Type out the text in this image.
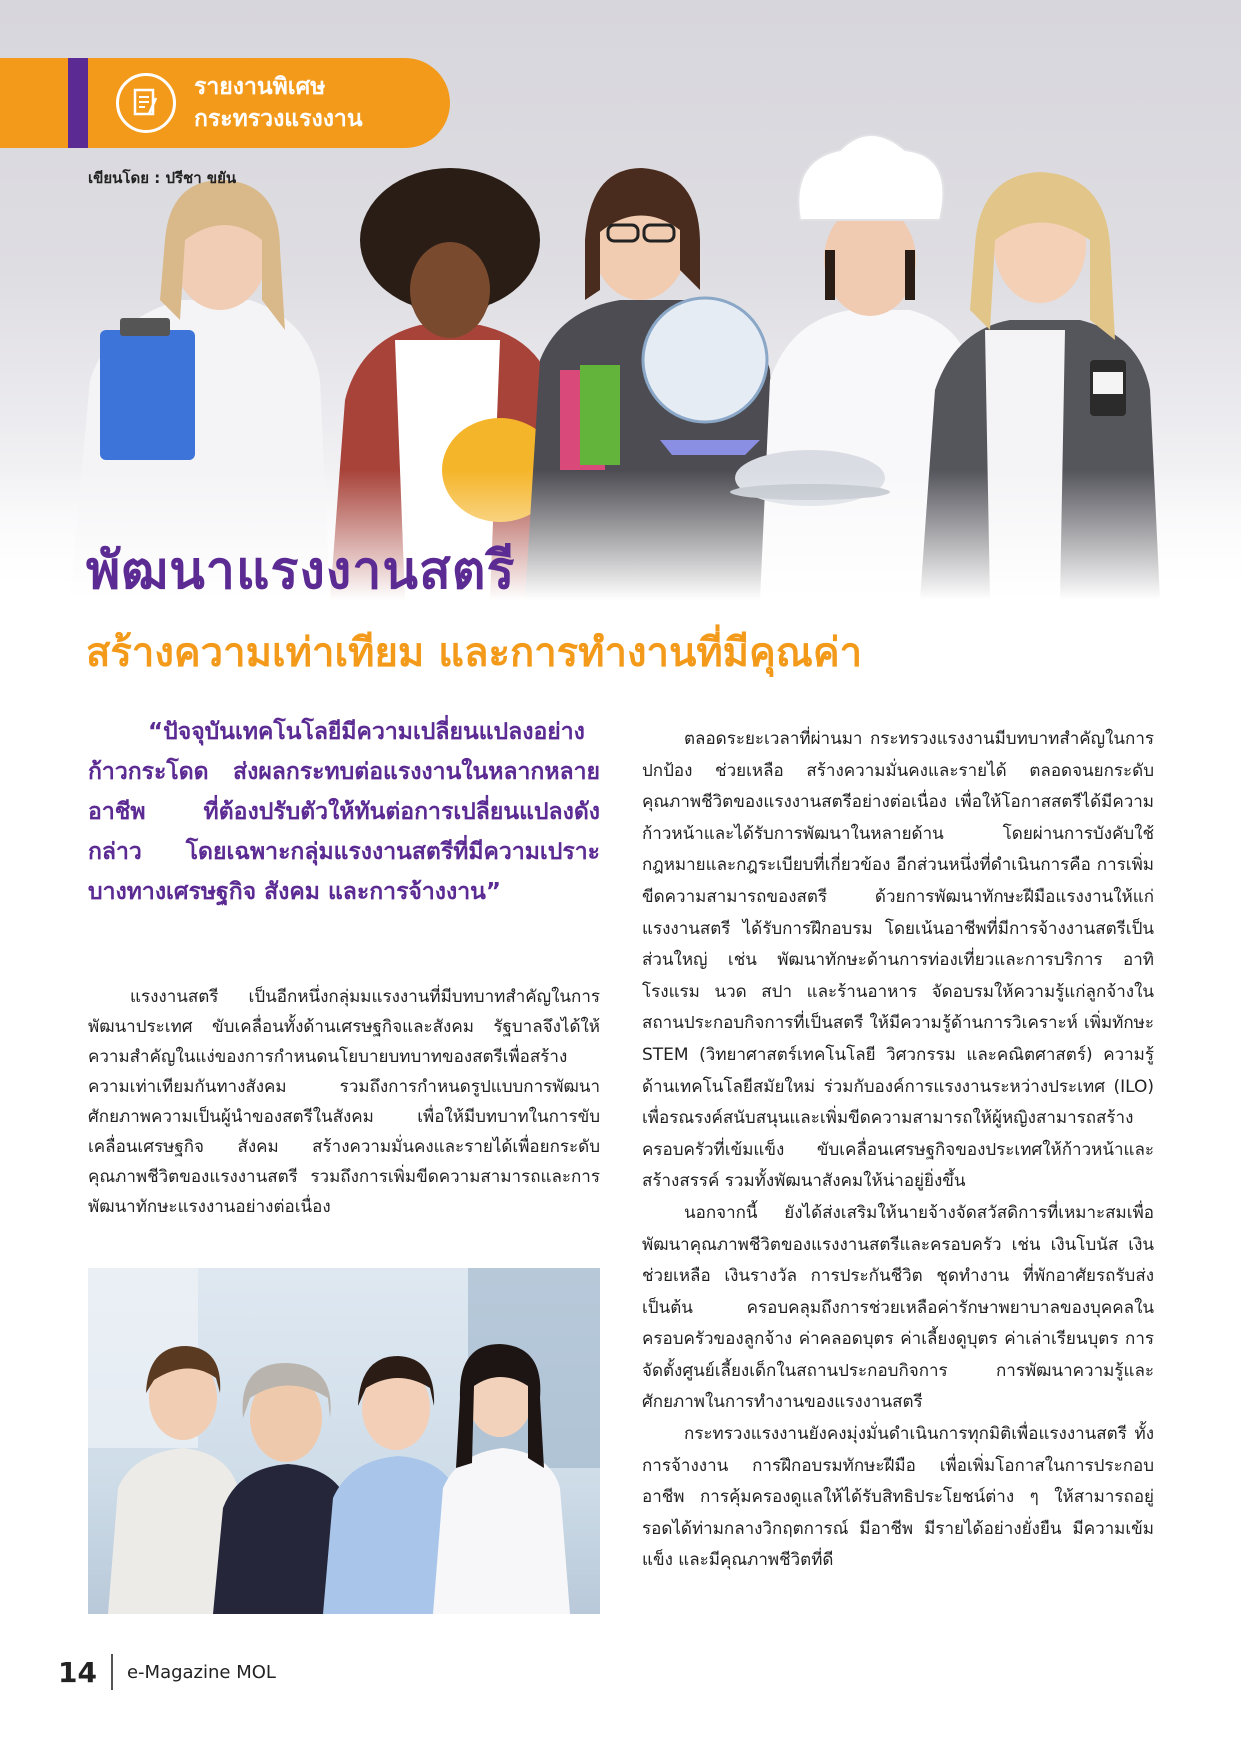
รายงานพิเศษ
กระทรวงแรงงาน
เขียนโดย : ปรีชา ขยัน
พัฒนาแรงงานสตรี
สร้างความเท่าเทียม และการทำงานที่มีคุณค่า
“ปัจจุบันเทคโนโลยีมีความเปลี่ยนแปลงอย่างก้าวกระโดด ส่งผลกระทบต่อแรงงานในหลากหลายอาชีพ ที่ต้องปรับตัวให้ทันต่อการเปลี่ยนแปลงดังกล่าว โดยเฉพาะกลุ่มแรงงานสตรีที่มีความเปราะบางทางเศรษฐกิจ สังคม และการจ้างงาน”
แรงงานสตรี เป็นอีกหนึ่งกลุ่มมแรงงานที่มีบทบาทสำคัญในการพัฒนาประเทศ ขับเคลื่อนทั้งด้านเศรษฐกิจและสังคม รัฐบาลจึงได้ให้ความสำคัญในแง่ของการกำหนดนโยบายบทบาทของสตรีเพื่อสร้างความเท่าเทียมกันทางสังคม รวมถึงการกำหนดรูปแบบการพัฒนาศักยภาพความเป็นผู้นำของสตรีในสังคม เพื่อให้มีบทบาทในการขับเคลื่อนเศรษฐกิจ สังคม สร้างความมั่นคงและรายได้เพื่อยกระดับคุณภาพชีวิตของแรงงานสตรี รวมถึงการเพิ่มขีดความสามารถและการพัฒนาทักษะแรงงานอย่างต่อเนื่อง

ตลอดระยะเวลาที่ผ่านมา กระทรวงแรงงานมีบทบาทสำคัญในการปกป้อง ช่วยเหลือ สร้างความมั่นคงและรายได้ ตลอดจนยกระดับคุณภาพชีวิตของแรงงานสตรีอย่างต่อเนื่อง เพื่อให้โอกาสสตรีได้มีความก้าวหน้าและได้รับการพัฒนาในหลายด้าน โดยผ่านการบังคับใช้กฎหมายและกฎระเบียบที่เกี่ยวข้อง อีกส่วนหนึ่งที่ดำเนินการคือ การเพิ่มขีดความสามารถของสตรี ด้วยการพัฒนาทักษะฝีมือแรงงานให้แก่แรงงานสตรี ได้รับการฝึกอบรม โดยเน้นอาชีพที่มีการจ้างงานสตรีเป็นส่วนใหญ่ เช่น พัฒนาทักษะด้านการท่องเที่ยวและการบริการ อาทิ โรงแรม นวด สปา และร้านอาหาร จัดอบรมให้ความรู้แก่ลูกจ้างในสถานประกอบกิจการที่เป็นสตรี ให้มีความรู้ด้านการวิเคราะห์ เพิ่มทักษะ STEM (วิทยาศาสตร์เทคโนโลยี วิศวกรรม และคณิตศาสตร์) ความรู้ด้านเทคโนโลยีสมัยใหม่ ร่วมกับองค์การแรงงานระหว่างประเทศ (ILO) เพื่อรณรงค์สนับสนุนและเพิ่มขีดความสามารถให้ผู้หญิงสามารถสร้างครอบครัวที่เข้มแข็ง ขับเคลื่อนเศรษฐกิจของประเทศให้ก้าวหน้าและสร้างสรรค์ รวมทั้งพัฒนาสังคมให้น่าอยู่ยิ่งขึ้น

นอกจากนี้ ยังได้ส่งเสริมให้นายจ้างจัดสวัสดิการที่เหมาะสมเพื่อพัฒนาคุณภาพชีวิตของแรงงานสตรีและครอบครัว เช่น เงินโบนัส เงินช่วยเหลือ เงินรางวัล การประกันชีวิต ชุดทำงาน ที่พักอาศัยรถรับส่ง เป็นต้น ครอบคลุมถึงการช่วยเหลือค่ารักษาพยาบาลของบุคคลในครอบครัวของลูกจ้าง ค่าคลอดบุตร ค่าเลี้ยงดูบุตร ค่าเล่าเรียนบุตร การจัดตั้งศูนย์เลี้ยงเด็กในสถานประกอบกิจการ การพัฒนาความรู้และศักยภาพในการทำงานของแรงงานสตรี

กระทรวงแรงงานยังคงมุ่งมั่นดำเนินการทุกมิติเพื่อแรงงานสตรี ทั้งการจ้างงาน การฝึกอบรมทักษะฝีมือ เพื่อเพิ่มโอกาสในการประกอบอาชีพ การคุ้มครองดูแลให้ได้รับสิทธิประโยชน์ต่าง ๆ ให้สามารถอยู่รอดได้ท่ามกลางวิกฤตการณ์ มีอาชีพ มีรายได้อย่างยั่งยืน มีความเข้มแข็ง และมีคุณภาพชีวิตที่ดี

14	e-Magazine MOL
